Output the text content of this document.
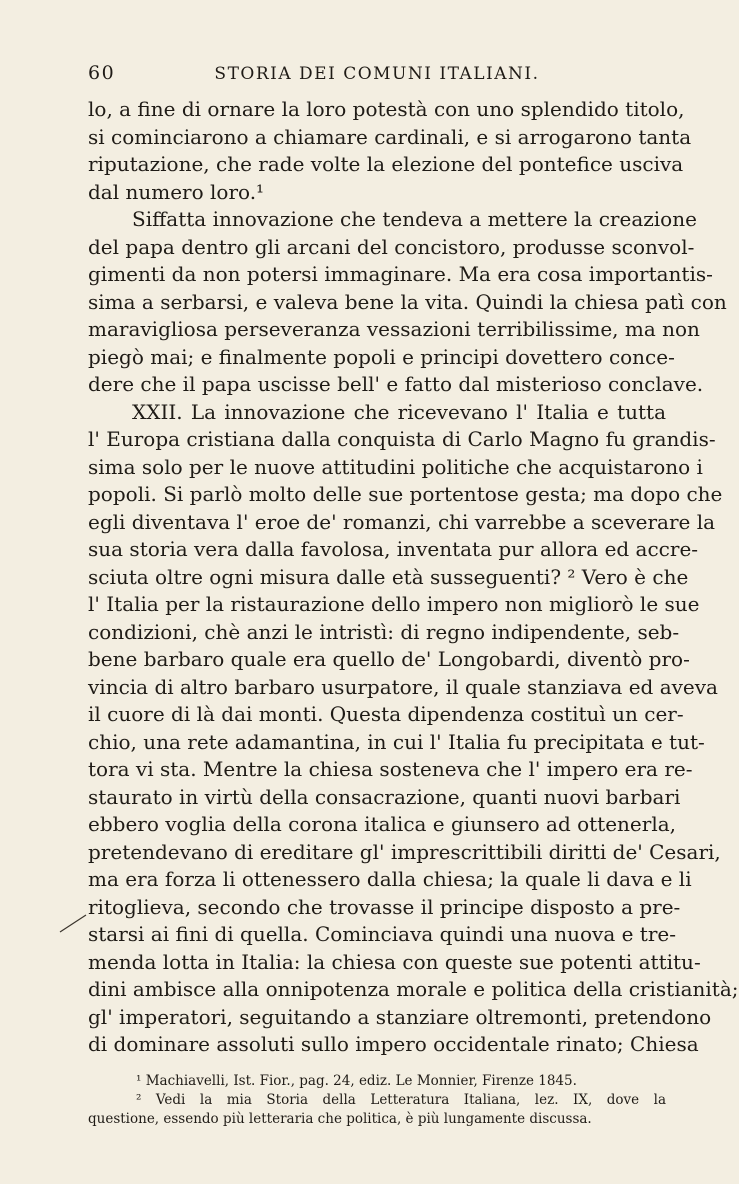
60	STORIA DEI COMUNI ITALIANI.
lo, a fine di ornare la loro potestà con uno splendido titolo,
si cominciarono a chiamare cardinali, e si arrogarono tanta
riputazione, che rade volte la elezione del pontefice usciva
dal numero loro.¹
Siffatta innovazione che tendeva a mettere la creazione
del papa dentro gli arcani del concistoro, produsse sconvol-
gimenti da non potersi immaginare. Ma era cosa importantis-
sima a serbarsi, e valeva bene la vita. Quindi la chiesa patì con
maravigliosa perseveranza vessazioni terribilissime, ma non
piegò mai; e finalmente popoli e principi dovettero conce-
dere che il papa uscisse bell' e fatto dal misterioso conclave.
XXII. La innovazione che ricevevano l' Italia e tutta
l' Europa cristiana dalla conquista di Carlo Magno fu grandis-
sima solo per le nuove attitudini politiche che acquistarono i
popoli. Si parlò molto delle sue portentose gesta; ma dopo che
egli diventava l' eroe de' romanzi, chi varrebbe a sceverare la
sua storia vera dalla favolosa, inventata pur allora ed accre-
sciuta oltre ogni misura dalle età susseguenti? ² Vero è che
l' Italia per la ristaurazione dello impero non migliorò le sue
condizioni, chè anzi le intristì: di regno indipendente, seb-
bene barbaro quale era quello de' Longobardi, diventò pro-
vincia di altro barbaro usurpatore, il quale stanziava ed aveva
il cuore di là dai monti. Questa dipendenza costituì un cer-
chio, una rete adamantina, in cui l' Italia fu precipitata e tut-
tora vi sta. Mentre la chiesa sosteneva che l' impero era re-
staurato in virtù della consacrazione, quanti nuovi barbari
ebbero voglia della corona italica e giunsero ad ottenerla,
pretendevano di ereditare gl' imprescrittibili diritti de' Cesari,
ma era forza li ottenessero dalla chiesa; la quale li dava e li
ritoglieva, secondo che trovasse il principe disposto a pre-
starsi ai fini di quella. Cominciava quindi una nuova e tre-
menda lotta in Italia: la chiesa con queste sue potenti attitu-
dini ambisce alla onnipotenza morale e politica della cristianità;
gl' imperatori, seguitando a stanziare oltremonti, pretendono
di dominare assoluti sullo impero occidentale rinato; Chiesa
¹ Machiavelli, Ist. Fior., pag. 24, ediz. Le Monnier, Firenze 1845.
² Vedi la mia Storia della Letteratura Italiana, lez. IX, dove la
questione, essendo più letteraria che politica, è più lungamente discussa.
